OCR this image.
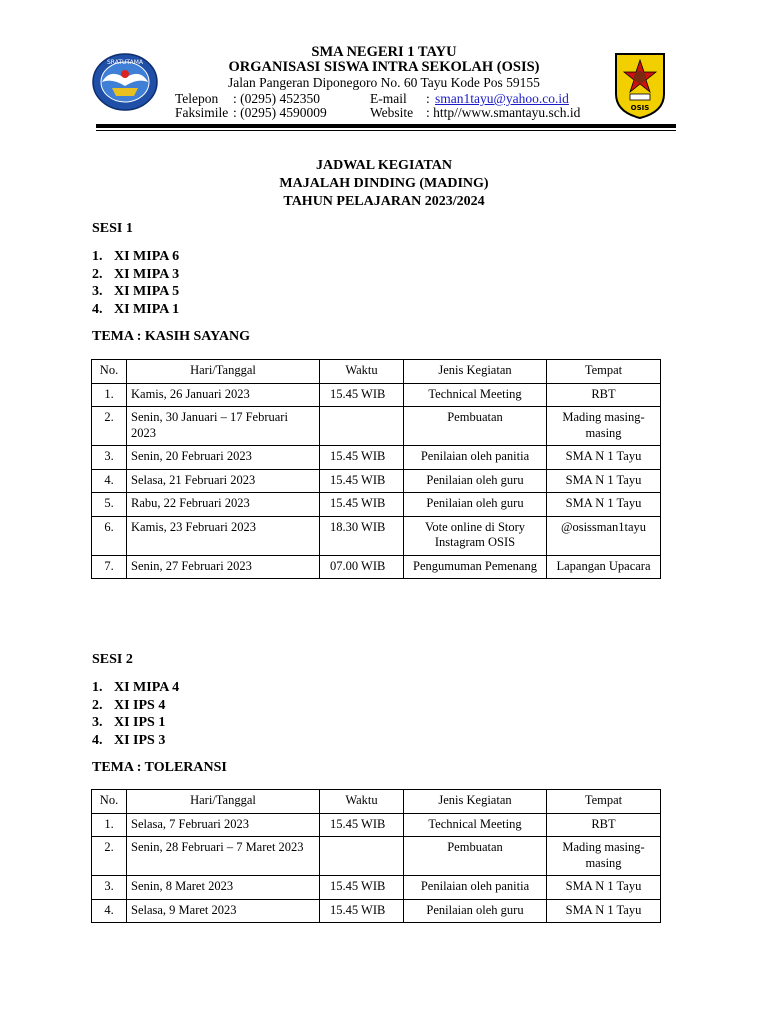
SRATUTAMA
OSIS
SMA NEGERI 1 TAYU
ORGANISASI SISWA INTRA SEKOLAH (OSIS)
Jalan Pangeran Diponegoro No. 60 Tayu Kode Pos 59155
Telepon : (0295) 452350
Faksimile : (0295) 4590009
E-mail : sman1tayu@yahoo.co.id
Website : http//www.smantayu.sch.id
JADWAL KEGIATAN
MAJALAH DINDING (MADING)
TAHUN PELAJARAN 2023/2024
SESI 1
1. XI MIPA 6
2. XI MIPA 3
3. XI MIPA 5
4. XI MIPA 1
TEMA : KASIH SAYANG
No.	Hari/Tanggal	Waktu	Jenis Kegiatan	Tempat
1.	Kamis, 26 Januari 2023	15.45 WIB	Technical Meeting	RBT
2.	Senin, 30 Januari – 17 Februari 2023		Pembuatan	Mading masing-masing
3.	Senin, 20 Februari 2023	15.45 WIB	Penilaian oleh panitia	SMA N 1 Tayu
4.	Selasa, 21 Februari 2023	15.45 WIB	Penilaian oleh guru	SMA N 1 Tayu
5.	Rabu, 22 Februari 2023	15.45 WIB	Penilaian oleh guru	SMA N 1 Tayu
6.	Kamis, 23 Februari 2023	18.30 WIB	Vote online di Story Instagram OSIS	@osissman1tayu
7.	Senin, 27 Februari 2023	07.00 WIB	Pengumuman Pemenang	Lapangan Upacara
SESI 2
1. XI MIPA 4
2. XI IPS 4
3. XI IPS 1
4. XI IPS 3
TEMA : TOLERANSI
No.	Hari/Tanggal	Waktu	Jenis Kegiatan	Tempat
1.	Selasa, 7 Februari 2023	15.45 WIB	Technical Meeting	RBT
2.	Senin, 28 Februari – 7 Maret 2023		Pembuatan	Mading masing-masing
3.	Senin, 8 Maret 2023	15.45 WIB	Penilaian oleh panitia	SMA N 1 Tayu
4.	Selasa, 9 Maret 2023	15.45 WIB	Penilaian oleh guru	SMA N 1 Tayu
